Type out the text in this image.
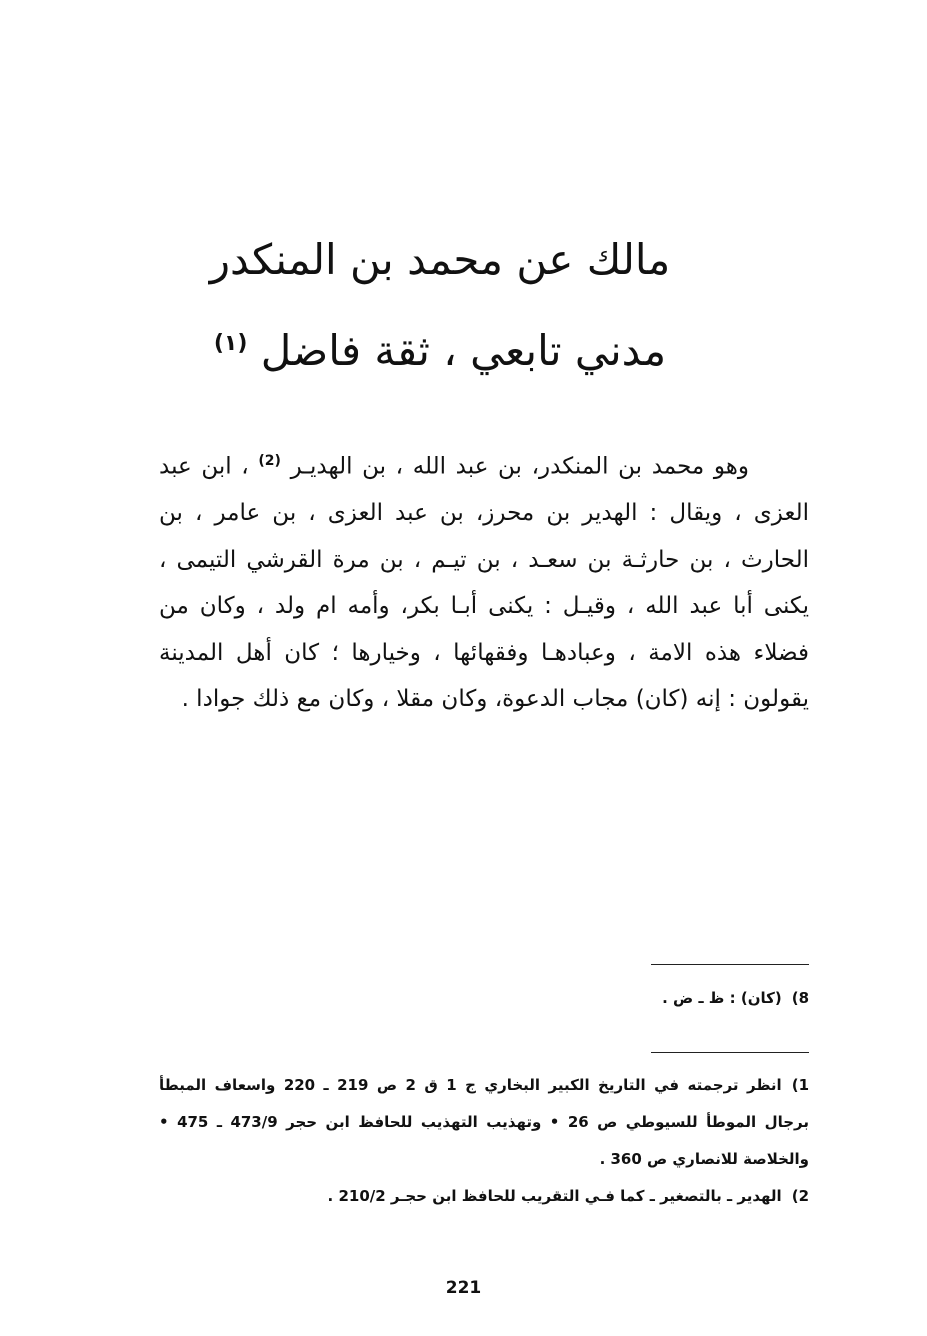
مالك عن محمد بن المنكدر

مدني تابعي ، ثقة فاضل $^{(١)}$

وهو محمد بن المنكدر، بن عبد الله ، بن الهديـر $^{(2)}$ ، ابن عبد العزى ، ويقال : الهدير بن محرز، بن عبد العزى ، بن عامر ، بن الحارث ، بن حارثـة بن سعـد ، بن تيـم ، بن مرة القرشي التيمى ، يكنى أبا عبد الله ، وقيـل : يكنى أبـا بكر، وأمه ام ولد ، وكان من فضلاء هذه الامة ، وعبادهـا وفقهائها ، وخيارها ؛ كان أهل المدينة يقولون : إنه (كان) مجاب الدعوة، وكان مقلا ، وكان مع ذلك جوادا .

8)(كان) : ظ ـ ض .

1)انظر ترجمته في التاريخ الكبير البخاري ج 1 ق 2 ص 219 ـ 220 واسعاف المبطأ برجال الموطأ للسيوطي ص 26 • وتهذيب التهذيب للحافظ ابن حجر 473/9 ـ 475 • والخلاصة للانصاري ص 360 .

2)الهدير ـ بالتصغير ـ كما فـي التقريب للحافظ ابن حجـر 210/2 .

221
